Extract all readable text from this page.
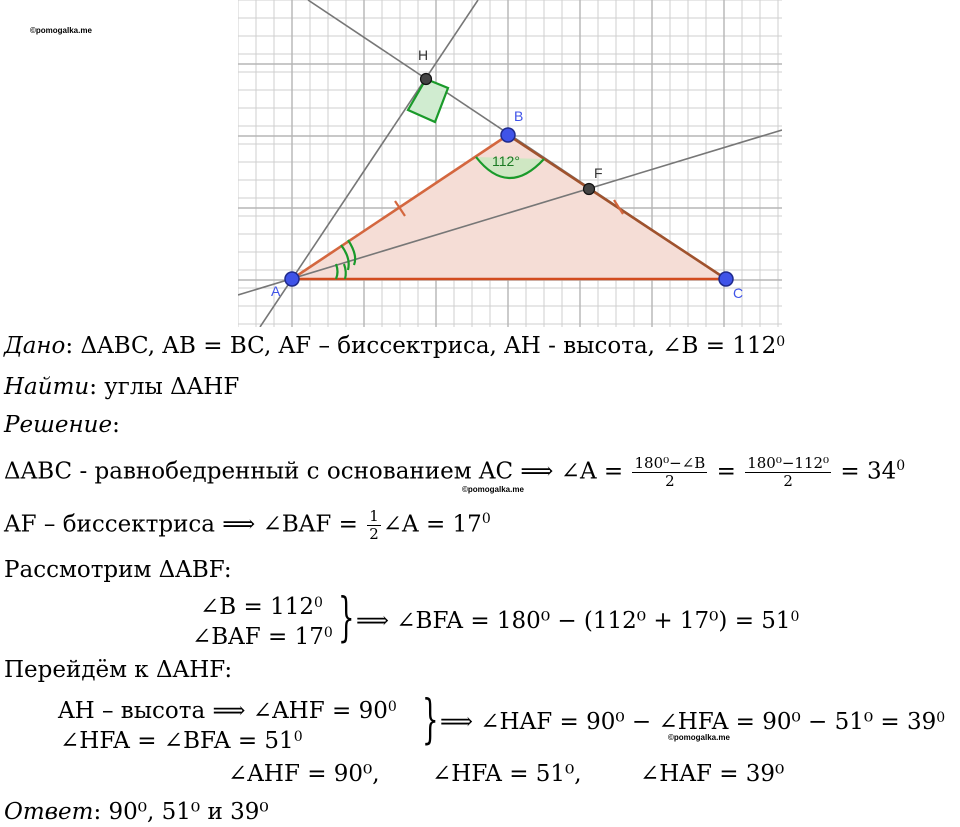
©pomogalka.me
H
B
F
A	C
112°
Дано: ΔABC, AB = BC, AF – биссектриса, AH - высота, ∠B = $112^0$
Найти: углы ΔAHF
Решение:
ΔABC - равнобедренный с основанием AC ⟹ ∠A = $\frac{\text{180⁰−∠B}}{2} = \frac{\text{180⁰−112⁰}}{2} = 34^0$
©pomogalka.me
AF – биссектриса ⟹ ∠BAF = $\frac{1}{2}$ ∠A = $17^0$
Рассмотрим ΔABF:
∠B = $112^0$
∠BAF = $17^0$ } ⟹ ∠BFA = $180^0 - (112^0 + 17^0) = 51^0$
Перейдём к ΔAHF:
AH – высота ⟹ ∠AHF = $90^0$
∠HFA = ∠BFA = $51^0$ } ⟹ ∠HAF = 90⁰ − ∠HFA = $90^0 - 51^0 = 39^0$
©pomogalka.me
∠AHF = 90⁰, ∠HFA = 51⁰,	∠HAF = 39⁰
Ответ: 90⁰, 51⁰ и 39⁰
